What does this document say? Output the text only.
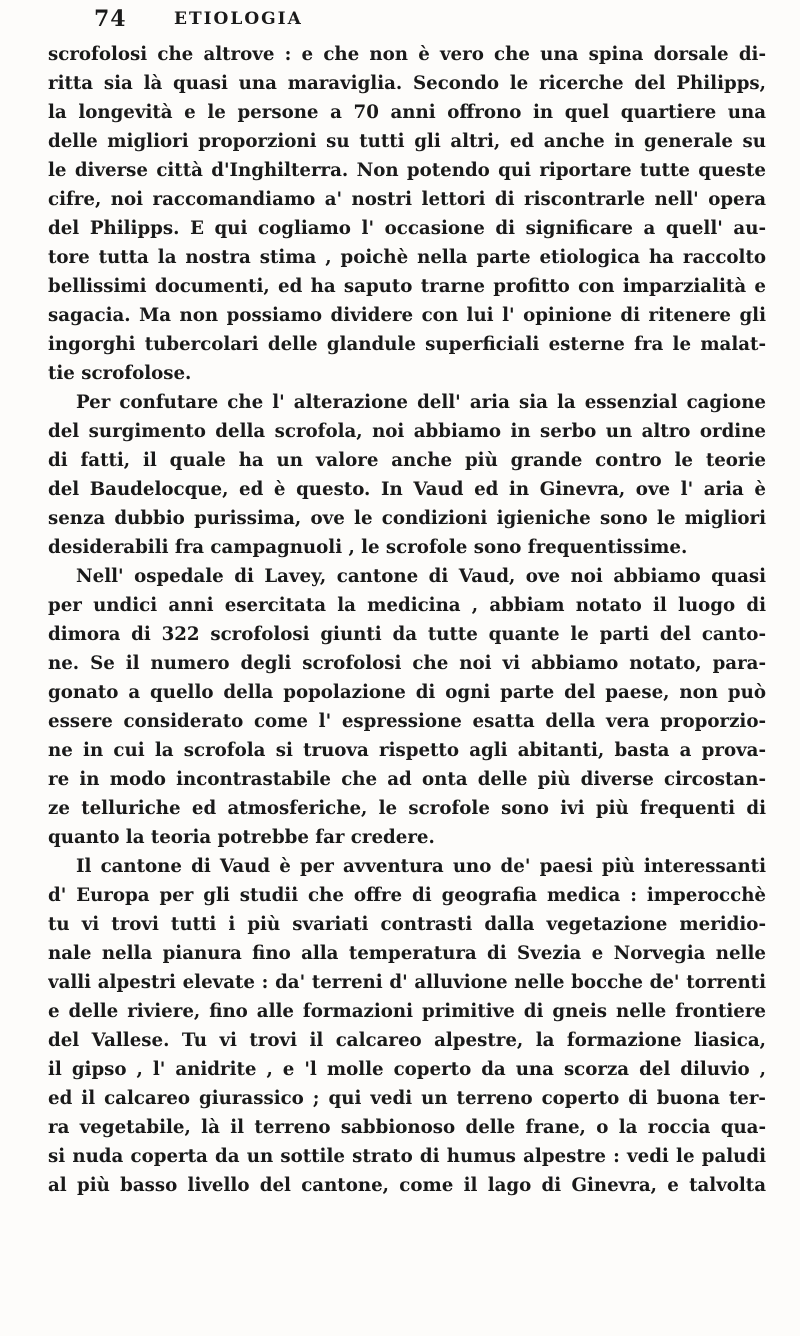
74	ETIOLOGIA
scrofolosi che altrove : e che non è vero che una spina dorsale di-
ritta sia là quasi una maraviglia. Secondo le ricerche del Philipps,
la longevità e le persone a 70 anni offrono in quel quartiere una
delle migliori proporzioni su tutti gli altri, ed anche in generale su
le diverse città d'Inghilterra. Non potendo qui riportare tutte queste
cifre, noi raccomandiamo a' nostri lettori di riscontrarle nell' opera
del Philipps. E qui cogliamo l' occasione di significare a quell' au-
tore tutta la nostra stima , poichè nella parte etiologica ha raccolto
bellissimi documenti, ed ha saputo trarne profitto con imparzialità e
sagacia. Ma non possiamo dividere con lui l' opinione di ritenere gli
ingorghi tubercolari delle glandule superficiali esterne fra le malat-
tie scrofolose.
Per confutare che l' alterazione dell' aria sia la essenzial cagione
del surgimento della scrofola, noi abbiamo in serbo un altro ordine
di fatti, il quale ha un valore anche più grande contro le teorie
del Baudelocque, ed è questo. In Vaud ed in Ginevra, ove l' aria è
senza dubbio purissima, ove le condizioni igieniche sono le migliori
desiderabili fra campagnuoli , le scrofole sono frequentissime.
Nell' ospedale di Lavey, cantone di Vaud, ove noi abbiamo quasi
per undici anni esercitata la medicina , abbiam notato il luogo di
dimora di 322 scrofolosi giunti da tutte quante le parti del canto-
ne. Se il numero degli scrofolosi che noi vi abbiamo notato, para-
gonato a quello della popolazione di ogni parte del paese, non può
essere considerato come l' espressione esatta della vera proporzio-
ne in cui la scrofola si truova rispetto agli abitanti, basta a prova-
re in modo incontrastabile che ad onta delle più diverse circostan-
ze telluriche ed atmosferiche, le scrofole sono ivi più frequenti di
quanto la teoria potrebbe far credere.
Il cantone di Vaud è per avventura uno de' paesi più interessanti
d' Europa per gli studii che offre di geografia medica : imperocchè
tu vi trovi tutti i più svariati contrasti dalla vegetazione meridio-
nale nella pianura fino alla temperatura di Svezia e Norvegia nelle
valli alpestri elevate : da' terreni d' alluvione nelle bocche de' torrenti
e delle riviere, fino alle formazioni primitive di gneis nelle frontiere
del Vallese. Tu vi trovi il calcareo alpestre, la formazione liasica,
il gipso , l' anidrite , e 'l molle coperto da una scorza del diluvio ,
ed il calcareo giurassico ; qui vedi un terreno coperto di buona ter-
ra vegetabile, là il terreno sabbionoso delle frane, o la roccia qua-
si nuda coperta da un sottile strato di humus alpestre : vedi le paludi
al più basso livello del cantone, come il lago di Ginevra, e talvolta
